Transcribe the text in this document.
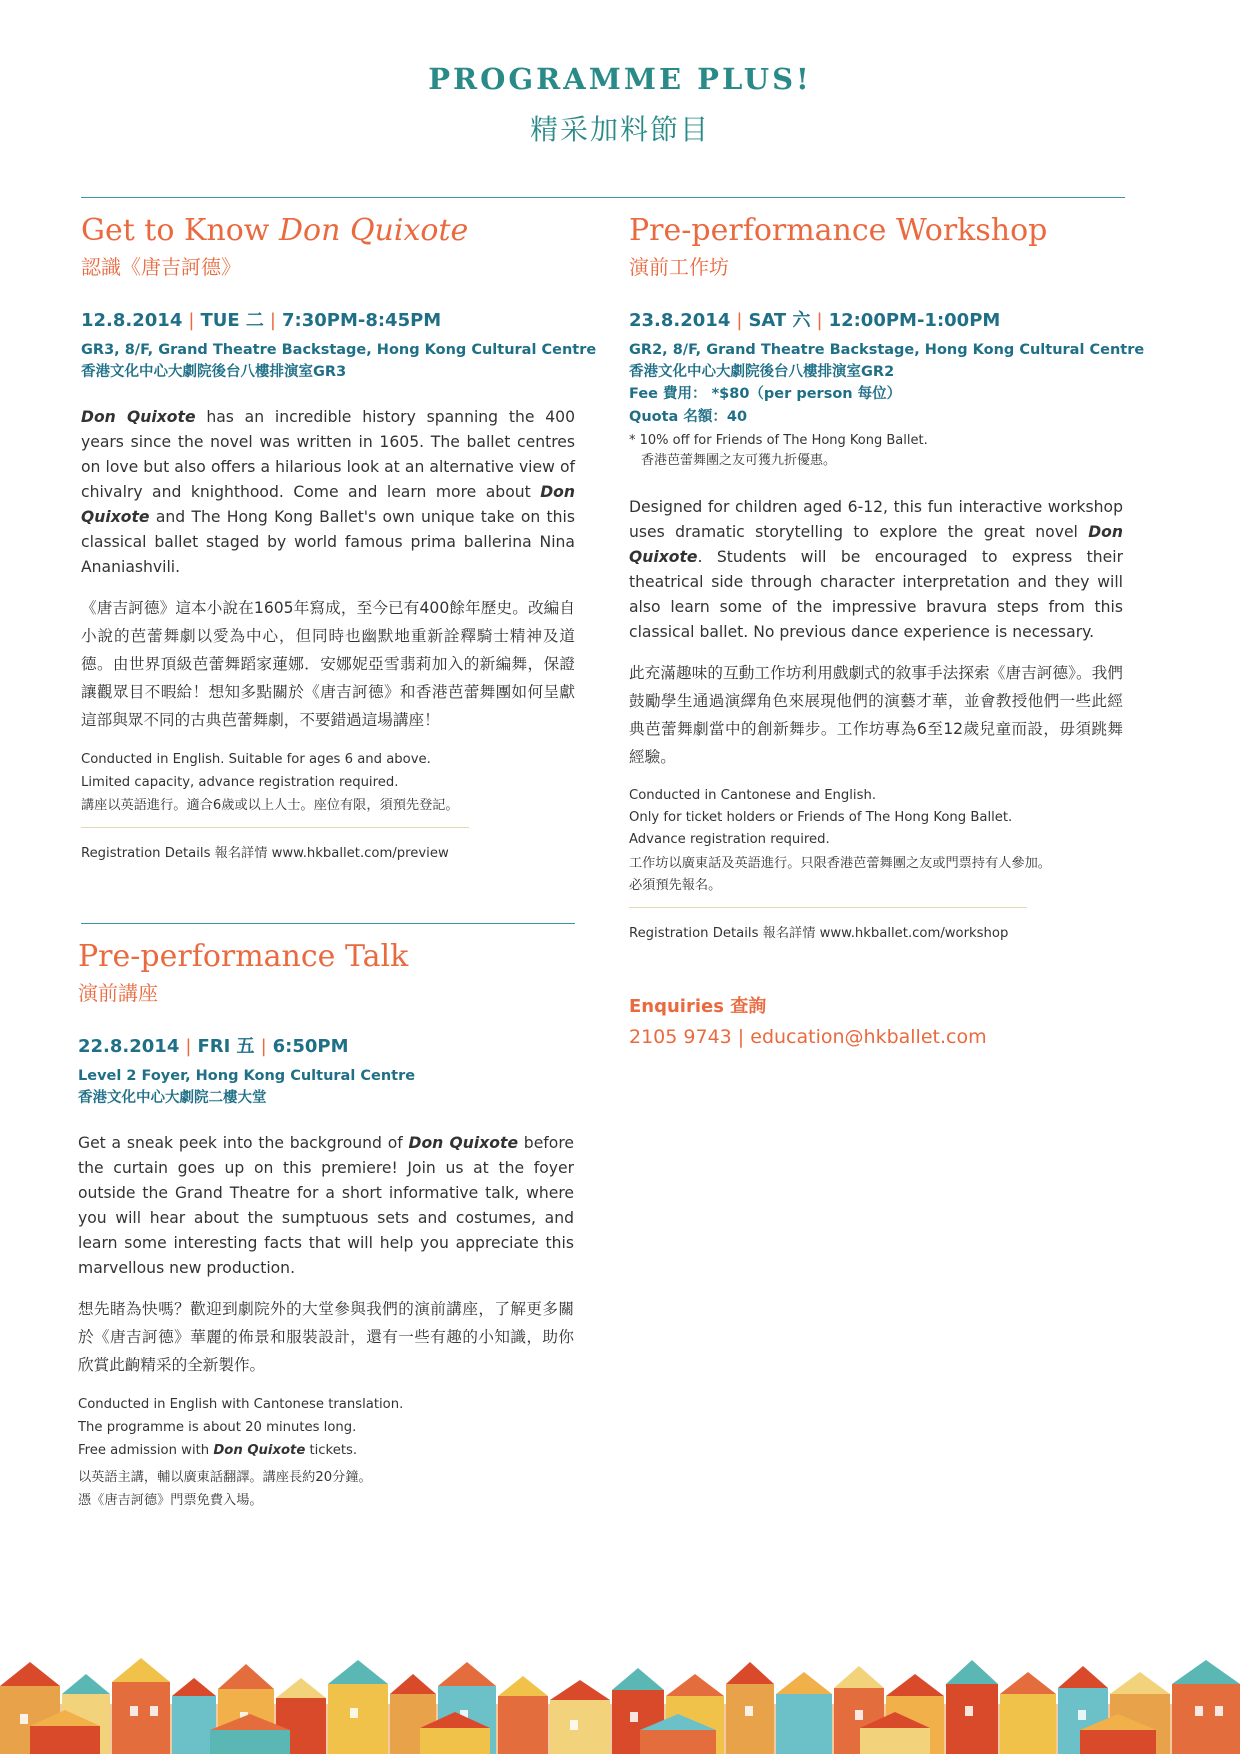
PROGRAMME PLUS!
精采加料節目
Get to Know Don Quixote
認識《唐吉訶德》
12.8.2014 | TUE 二 | 7:30PM-8:45PM
GR3, 8/F, Grand Theatre Backstage, Hong Kong Cultural Centre
香港文化中心大劇院後台八樓排演室GR3
Don Quixote has an incredible history spanning the 400 years since the novel was written in 1605. The ballet centres on love but also offers a hilarious look at an alternative view of chivalry and knighthood. Come and learn more about Don Quixote and The Hong Kong Ballet's own unique take on this classical ballet staged by world famous prima ballerina Nina Ananiashvili.
《唐吉訶德》這本小說在1605年寫成，至今已有400餘年歷史。改編自小說的芭蕾舞劇以愛為中心，但同時也幽默地重新詮釋騎士精神及道德。由世界頂級芭蕾舞蹈家蓮娜．安娜妮亞雪翡莉加入的新編舞，保證讓觀眾目不暇給！想知多點關於《唐吉訶德》和香港芭蕾舞團如何呈獻這部與眾不同的古典芭蕾舞劇，不要錯過這場講座！
Conducted in English. Suitable for ages 6 and above.
Limited capacity, advance registration required.
講座以英語進行。適合6歲或以上人士。座位有限，須預先登記。
Registration Details 報名詳情 www.hkballet.com/preview
Pre-performance Talk
演前講座
22.8.2014 | FRI 五 | 6:50PM
Level 2 Foyer, Hong Kong Cultural Centre
香港文化中心大劇院二樓大堂
Get a sneak peek into the background of Don Quixote before the curtain goes up on this premiere! Join us at the foyer outside the Grand Theatre for a short informative talk, where you will hear about the sumptuous sets and costumes, and learn some interesting facts that will help you appreciate this marvellous new production.
想先睹為快嗎？歡迎到劇院外的大堂參與我們的演前講座，了解更多關於《唐吉訶德》華麗的佈景和服裝設計，還有一些有趣的小知識，助你欣賞此齣精采的全新製作。
Conducted in English with Cantonese translation.
The programme is about 20 minutes long.
Free admission with Don Quixote tickets.
以英語主講，輔以廣東話翻譯。講座長約20分鐘。
憑《唐吉訶德》門票免費入場。
Pre-performance Workshop
演前工作坊
23.8.2014 | SAT 六 | 12:00PM-1:00PM
GR2, 8/F, Grand Theatre Backstage, Hong Kong Cultural Centre
香港文化中心大劇院後台八樓排演室GR2
Fee 費用： *$80（per person 每位）
Quota 名額：40
* 10% off for Friends of The Hong Kong Ballet.
香港芭蕾舞團之友可獲九折優惠。
Designed for children aged 6-12, this fun interactive workshop uses dramatic storytelling to explore the great novel Don Quixote. Students will be encouraged to express their theatrical side through character interpretation and they will also learn some of the impressive bravura steps from this classical ballet. No previous dance experience is necessary.
此充滿趣味的互動工作坊利用戲劇式的敘事手法探索《唐吉訶德》。我們鼓勵學生通過演繹角色來展現他們的演藝才華，並會教授他們一些此經典芭蕾舞劇當中的創新舞步。工作坊專為6至12歲兒童而設，毋須跳舞經驗。
Conducted in Cantonese and English.
Only for ticket holders or Friends of The Hong Kong Ballet.
Advance registration required.
工作坊以廣東話及英語進行。只限香港芭蕾舞團之友或門票持有人參加。
必須預先報名。
Registration Details 報名詳情 www.hkballet.com/workshop
Enquiries 查詢
2105 9743 | education@hkballet.com
